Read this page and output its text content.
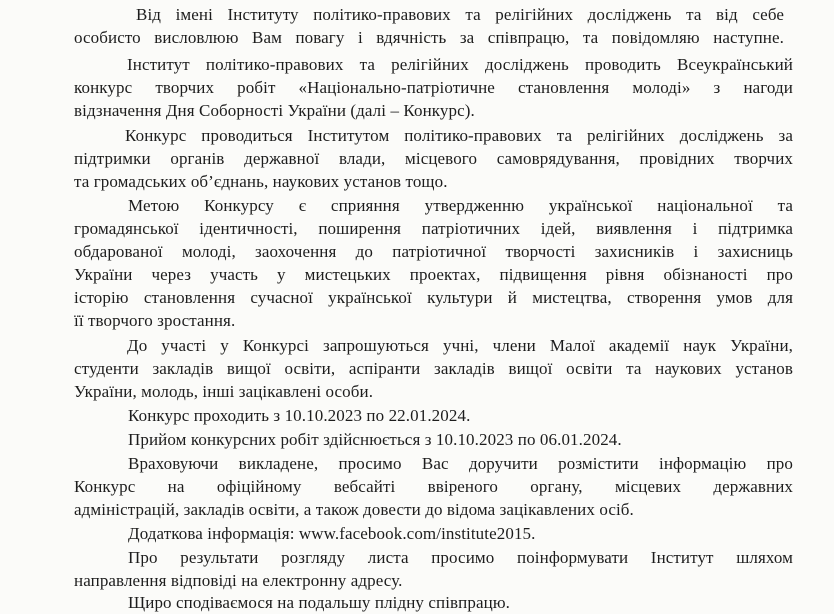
Від імені Інституту політико-правових та релігійних досліджень та від себе
особисто висловлюю Вам повагу і вдячність за співпрацю, та повідомляю наступне.
Інститут політико-правових та релігійних досліджень проводить Всеукраїнський
конкурс творчих робіт «Національно-патріотичне становлення молоді» з нагоди
відзначення Дня Соборності України (далі – Конкурс).
Конкурс проводиться Інститутом політико-правових та релігійних досліджень за
підтримки органів державної влади, місцевого самоврядування, провідних творчих
та громадських об’єднань, наукових установ тощо.
Метою Конкурсу є сприяння утвердженню української національної та
громадянської ідентичності, поширення патріотичних ідей, виявлення і підтримка
обдарованої молоді, заохочення до патріотичної творчості захисників і захисниць
України через участь у мистецьких проектах, підвищення рівня обізнаності про
історію становлення сучасної української культури й мистецтва, створення умов для
її творчого зростання.
До участі у Конкурсі запрошуються учні, члени Малої академії наук України,
студенти закладів вищої освіти, аспіранти закладів вищої освіти та наукових установ
України, молодь, інші зацікавлені особи.
Конкурс проходить з 10.10.2023 по 22.01.2024.
Прийом конкурсних робіт здійснюється з 10.10.2023 по 06.01.2024.
Враховуючи викладене, просимо Вас доручити розмістити інформацію про
Конкурс на офіційному вебсайті ввіреного органу, місцевих державних
адміністрацій, закладів освіти, а також довести до відома зацікавлених осіб.
Додаткова інформація: www.facebook.com/institute2015.
Про результати розгляду листа просимо поінформувати Інститут шляхом
направлення відповіді на електронну адресу.
Щиро сподіваємося на подальшу плідну співпрацю.
